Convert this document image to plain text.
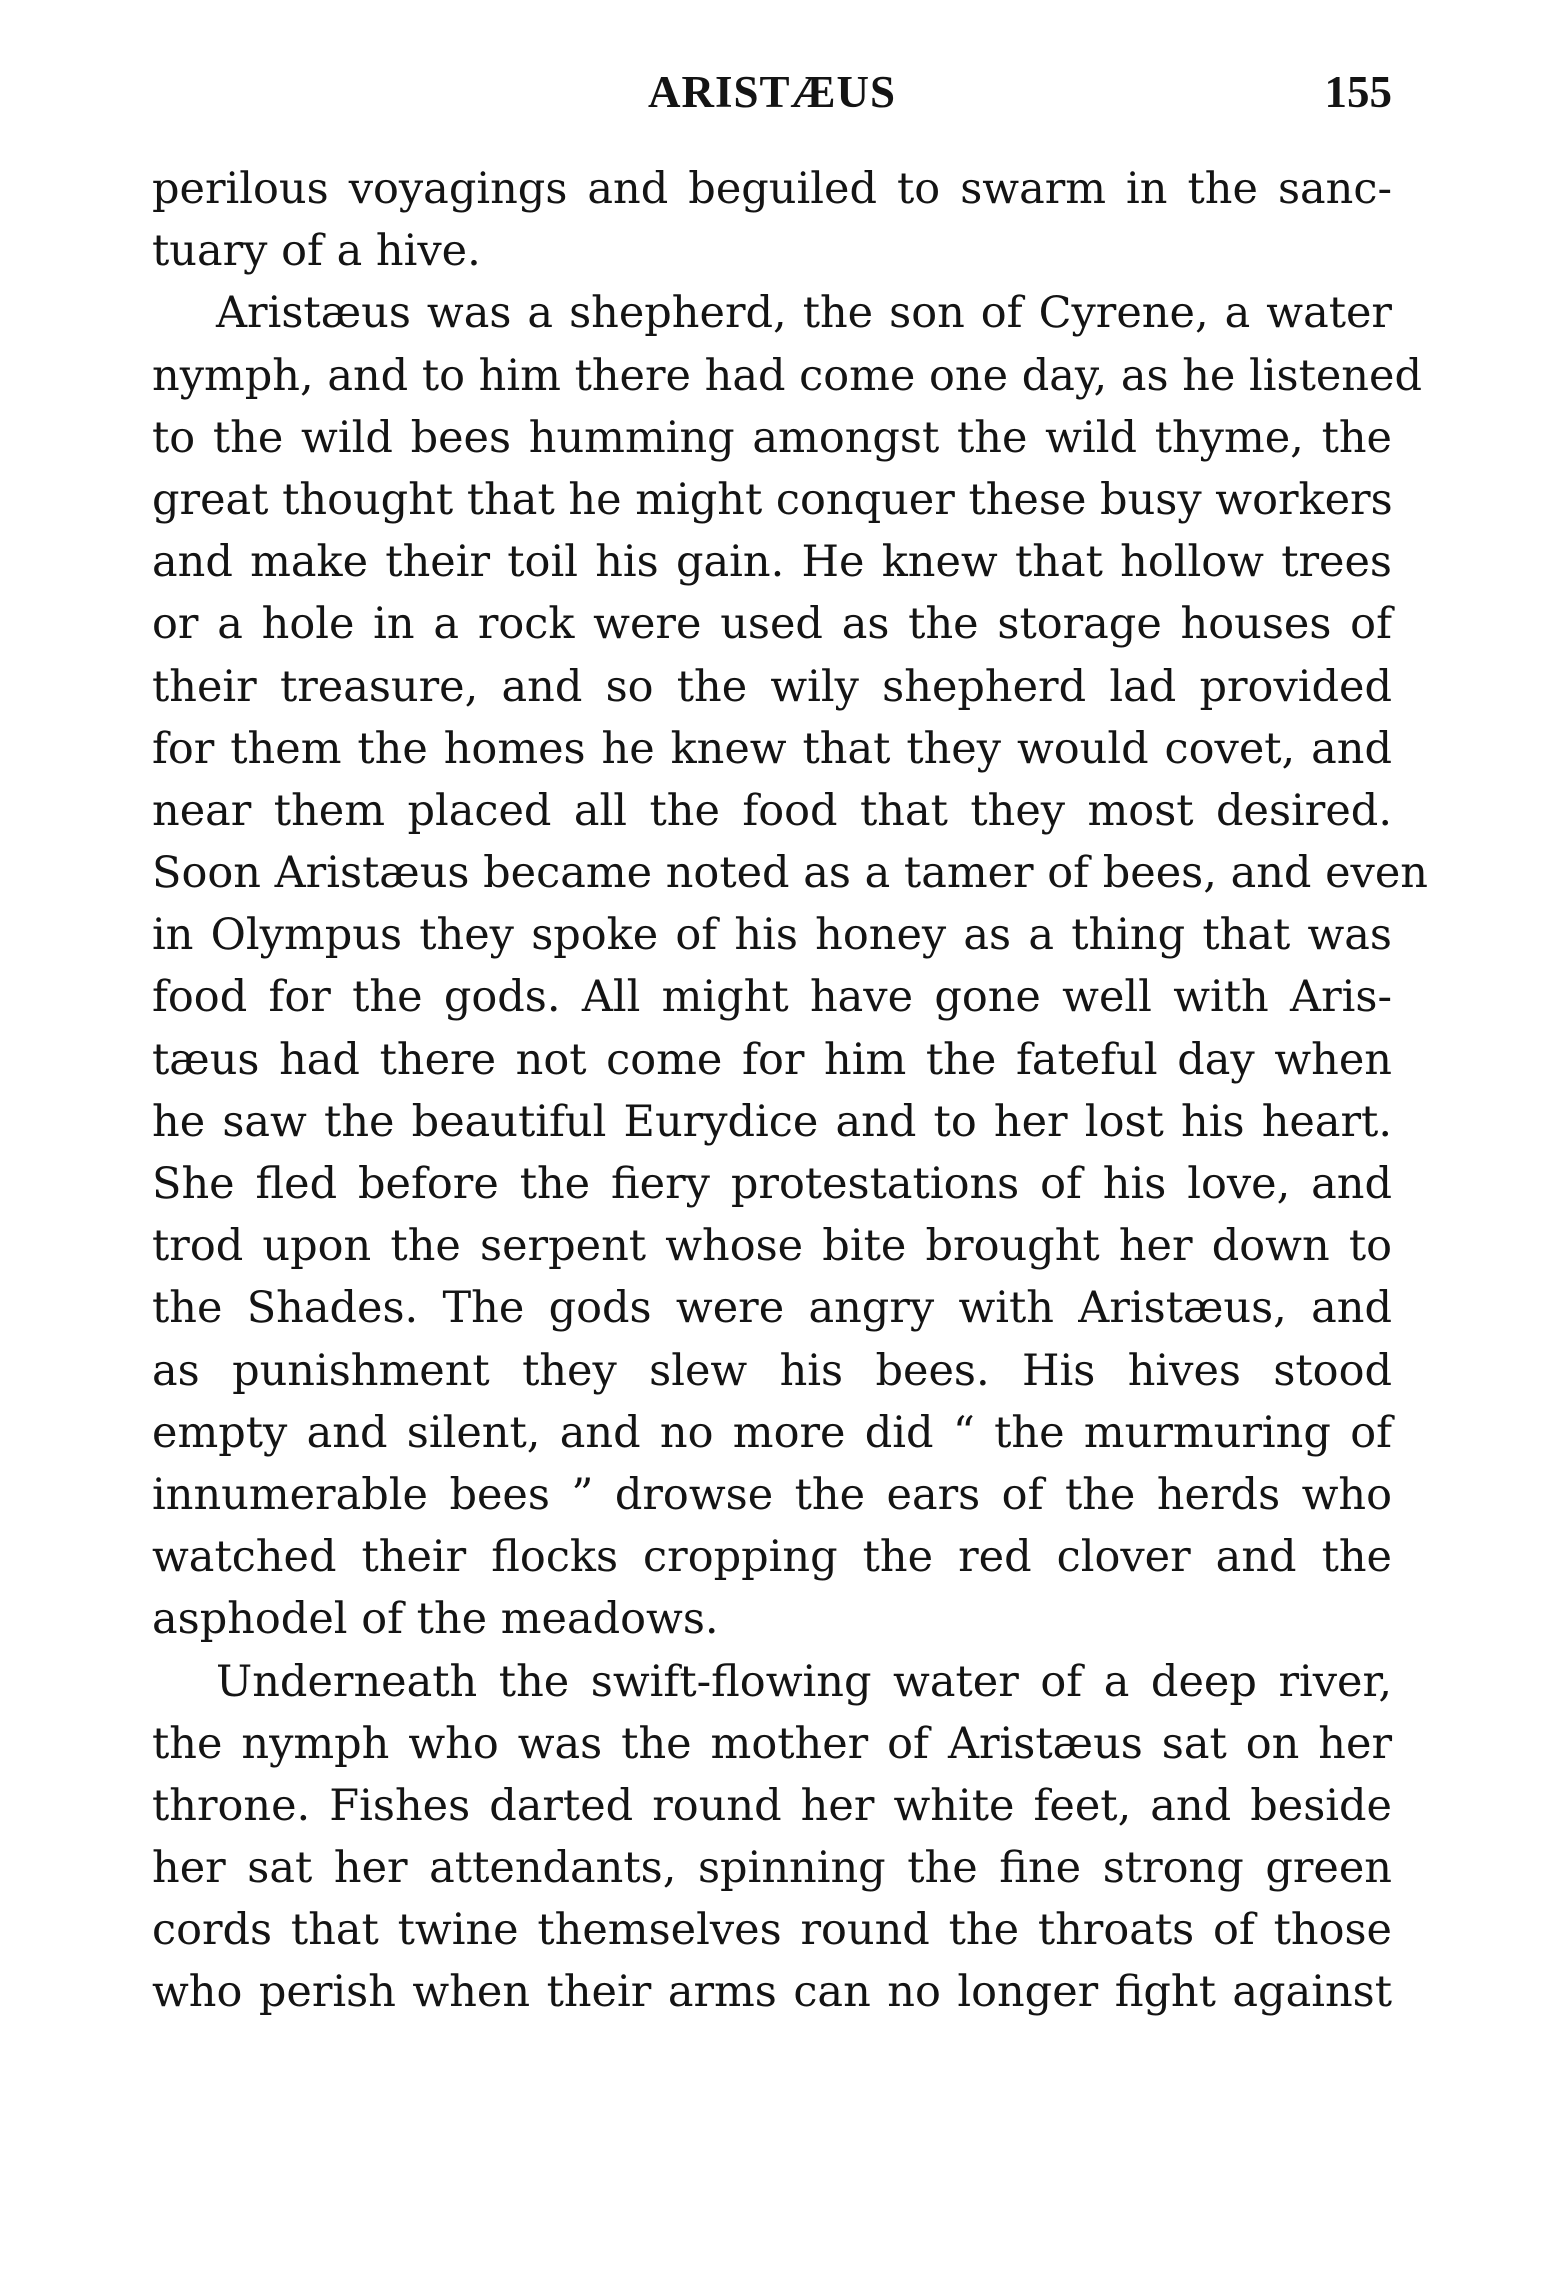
ARISTÆUS	155
perilous voyagings and beguiled to swarm in the sanc-
tuary of a hive.
Aristæus was a shepherd, the son of Cyrene, a water
nymph, and to him there had come one day, as he listened
to the wild bees humming amongst the wild thyme, the
great thought that he might conquer these busy workers
and make their toil his gain. He knew that hollow trees
or a hole in a rock were used as the storage houses of
their treasure, and so the wily shepherd lad provided
for them the homes he knew that they would covet, and
near them placed all the food that they most desired.
Soon Aristæus became noted as a tamer of bees, and even
in Olympus they spoke of his honey as a thing that was
food for the gods. All might have gone well with Aris-
tæus had there not come for him the fateful day when
he saw the beautiful Eurydice and to her lost his heart.
She fled before the fiery protestations of his love, and
trod upon the serpent whose bite brought her down to
the Shades. The gods were angry with Aristæus, and
as punishment they slew his bees. His hives stood
empty and silent, and no more did “ the murmuring of
innumerable bees ” drowse the ears of the herds who
watched their flocks cropping the red clover and the
asphodel of the meadows.
Underneath the swift-flowing water of a deep river,
the nymph who was the mother of Aristæus sat on her
throne. Fishes darted round her white feet, and beside
her sat her attendants, spinning the fine strong green
cords that twine themselves round the throats of those
who perish when their arms can no longer fight against
